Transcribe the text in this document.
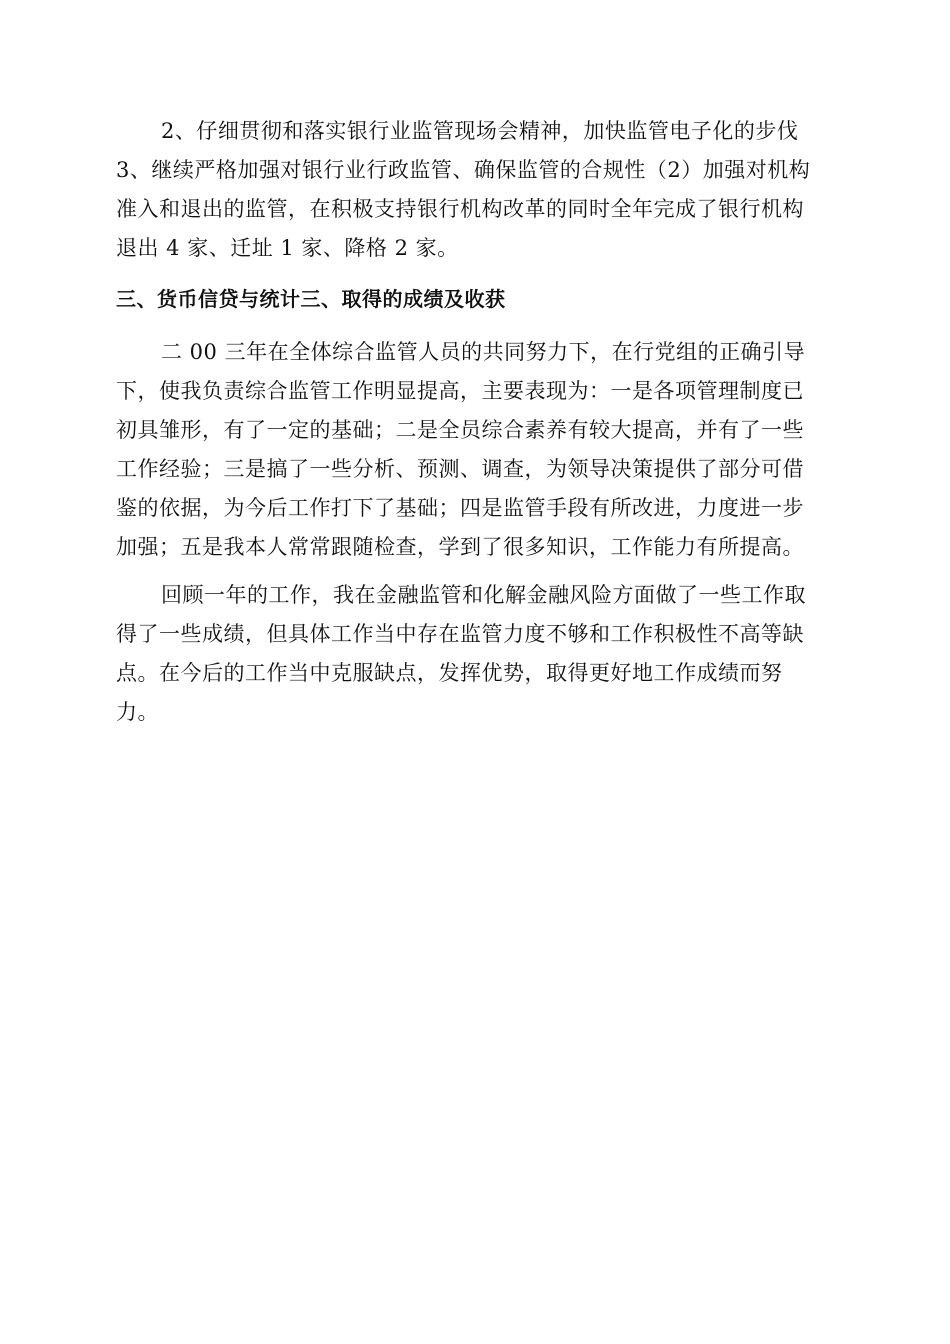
2、仔细贯彻和落实银行业监管现场会精神，加快监管电子化的步伐
3、继续严格加强对银行业行政监管、确保监管的合规性（2）加强对机构
准入和退出的监管，在积极支持银行机构改革的同时全年完成了银行机构
退出 4 家、迁址 1 家、降格 2 家。
三、货币信贷与统计三、取得的成绩及收获
二 00 三年在全体综合监管人员的共同努力下，在行党组的正确引导
下，使我负责综合监管工作明显提高，主要表现为：一是各项管理制度已
初具雏形，有了一定的基础；二是全员综合素养有较大提高，并有了一些
工作经验；三是搞了一些分析、预测、调查，为领导决策提供了部分可借
鉴的依据，为今后工作打下了基础；四是监管手段有所改进，力度进一步
加强；五是我本人常常跟随检查，学到了很多知识，工作能力有所提高。
回顾一年的工作，我在金融监管和化解金融风险方面做了一些工作取
得了一些成绩，但具体工作当中存在监管力度不够和工作积极性不高等缺
点。在今后的工作当中克服缺点，发挥优势，取得更好地工作成绩而努
力。
